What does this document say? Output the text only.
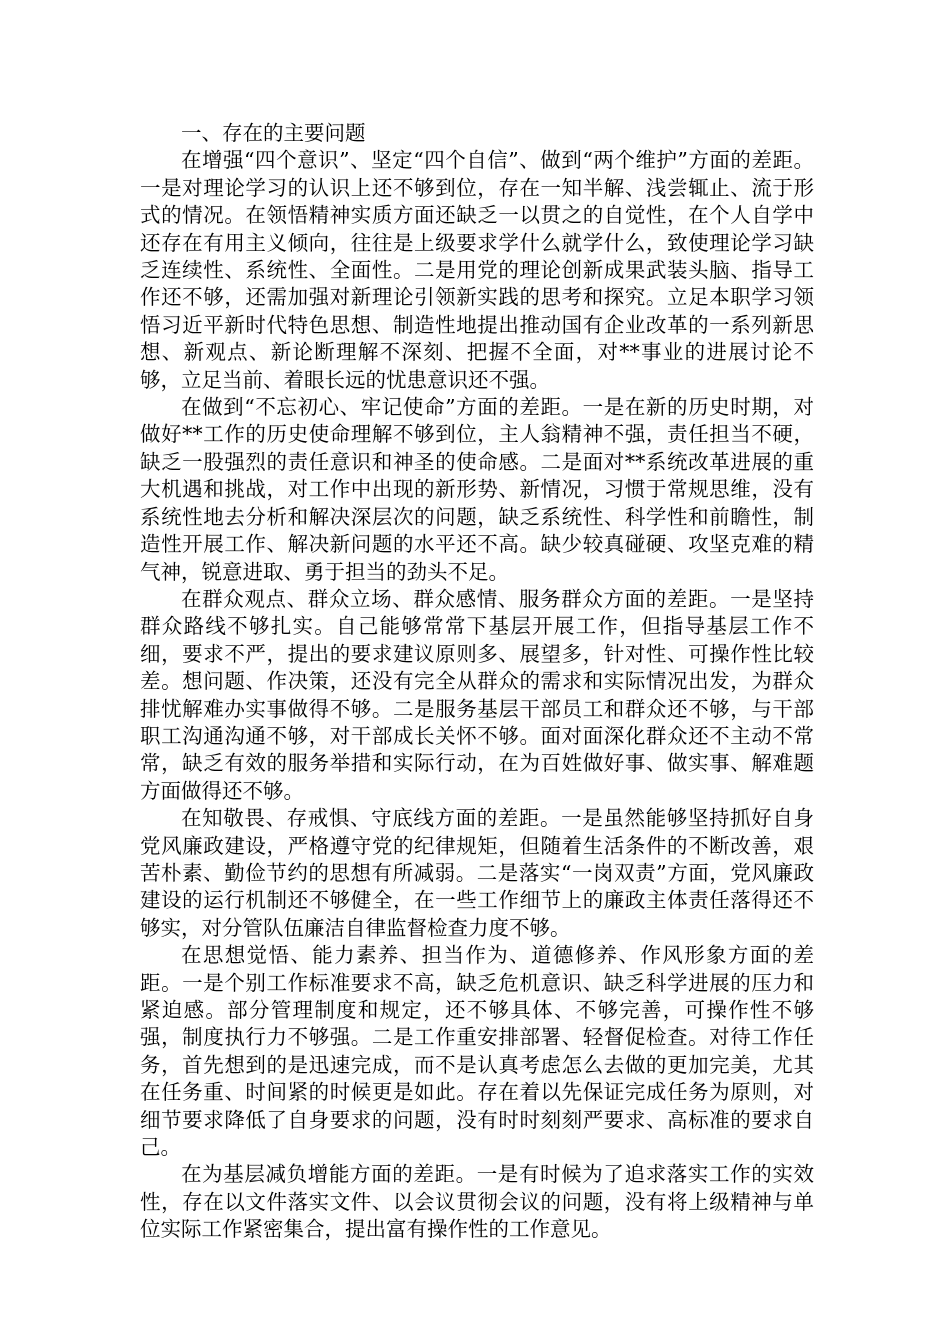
一、存在的主要问题

在增强“四个意识”、坚定“四个自信”、做到“两个维护”方面的差距。一是对理论学习的认识上还不够到位，存在一知半解、浅尝辄止、流于形式的情况。在领悟精神实质方面还缺乏一以贯之的自觉性，在个人自学中还存在有用主义倾向，往往是上级要求学什么就学什么，致使理论学习缺乏连续性、系统性、全面性。二是用党的理论创新成果武装头脑、指导工作还不够，还需加强对新理论引领新实践的思考和探究。立足本职学习领悟习近平新时代特色思想、制造性地提出推动国有企业改革的一系列新思想、新观点、新论断理解不深刻、把握不全面，对**事业的进展讨论不够，立足当前、着眼长远的忧患意识还不强。

在做到“不忘初心、牢记使命”方面的差距。一是在新的历史时期，对做好**工作的历史使命理解不够到位，主人翁精神不强，责任担当不硬，缺乏一股强烈的责任意识和神圣的使命感。二是面对**系统改革进展的重大机遇和挑战，对工作中出现的新形势、新情况，习惯于常规思维，没有系统性地去分析和解决深层次的问题，缺乏系统性、科学性和前瞻性，制造性开展工作、解决新问题的水平还不高。缺少较真碰硬、攻坚克难的精气神，锐意进取、勇于担当的劲头不足。

在群众观点、群众立场、群众感情、服务群众方面的差距。一是坚持群众路线不够扎实。自己能够常常下基层开展工作，但指导基层工作不细，要求不严，提出的要求建议原则多、展望多，针对性、可操作性比较差。想问题、作决策，还没有完全从群众的需求和实际情况出发，为群众排忧解难办实事做得不够。二是服务基层干部员工和群众还不够，与干部职工沟通沟通不够，对干部成长关怀不够。面对面深化群众还不主动不常常，缺乏有效的服务举措和实际行动，在为百姓做好事、做实事、解难题方面做得还不够。

在知敬畏、存戒惧、守底线方面的差距。一是虽然能够坚持抓好自身党风廉政建设，严格遵守党的纪律规矩，但随着生活条件的不断改善，艰苦朴素、勤俭节约的思想有所减弱。二是落实“一岗双责”方面，党风廉政建设的运行机制还不够健全，在一些工作细节上的廉政主体责任落得还不够实，对分管队伍廉洁自律监督检查力度不够。

在思想觉悟、能力素养、担当作为、道德修养、作风形象方面的差距。一是个别工作标准要求不高，缺乏危机意识、缺乏科学进展的压力和紧迫感。部分管理制度和规定，还不够具体、不够完善，可操作性不够强，制度执行力不够强。二是工作重安排部署、轻督促检查。对待工作任务，首先想到的是迅速完成，而不是认真考虑怎么去做的更加完美，尤其在任务重、时间紧的时候更是如此。存在着以先保证完成任务为原则，对细节要求降低了自身要求的问题，没有时时刻刻严要求、高标准的要求自己。

在为基层减负增能方面的差距。一是有时候为了追求落实工作的实效性，存在以文件落实文件、以会议贯彻会议的问题，没有将上级精神与单位实际工作紧密集合，提出富有操作性的工作意见。
